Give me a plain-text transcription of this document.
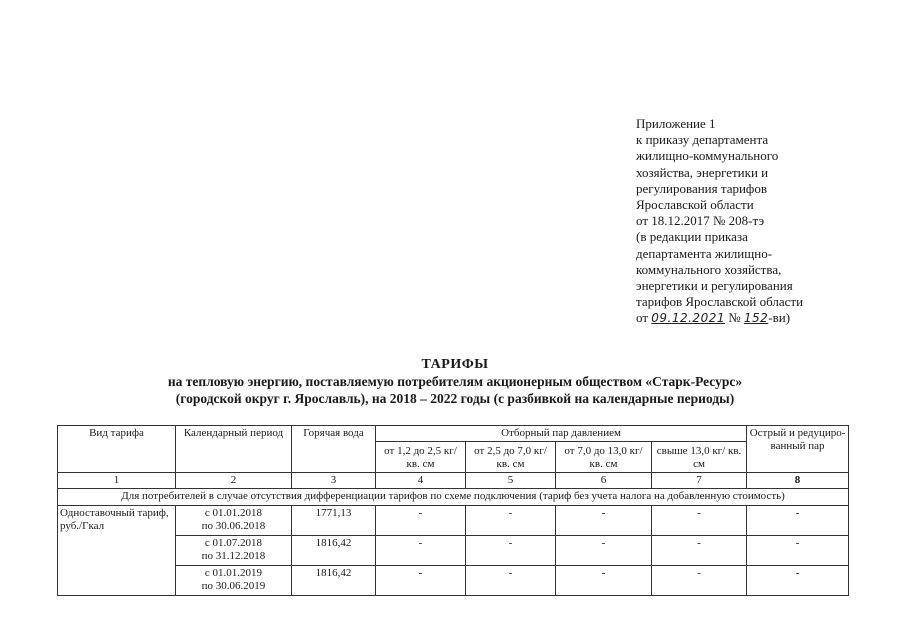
Приложение 1
к приказу департамента
жилищно-коммунального
хозяйства, энергетики и
регулирования тарифов
Ярославской области
от 18.12.2017 № 208-тэ
(в редакции приказа
департамента жилищно-
коммунального хозяйства,
энергетики и регулирования
тарифов Ярославской области
от 09.12.2021 № 152-ви)
ТАРИФЫ
на тепловую энергию, поставляемую потребителям акционерным обществом «Старк-Ресурс»
(городской округ г. Ярославль), на 2018 – 2022 годы (с разбивкой на календарные периоды)
Вид тарифа	Календарный период	Горячая вода	Отборный пар давлением				Острый и редуциро-ванный пар
			от 1,2 до 2,5 кг/ кв. см	от 2,5 до 7,0 кг/ кв. см	от 7,0 до 13,0 кг/ кв. см	свыше 13,0 кг/ кв. см	
1	2	3	4	5	6	7	8
Для потребителей в случае отсутствия дифференциации тарифов по схеме подключения (тариф без учета налога на добавленную стоимость)							
Одноставочный тариф, руб./Гкал	с 01.01.2018
по 30.06.2018	1771,13	-	-	-	-	-

	с 01.07.2018
по 31.12.2018	1816,42	-	-	-	-	-

	с 01.01.2019
по 30.06.2019	1816,42	-	-	-	-	-
